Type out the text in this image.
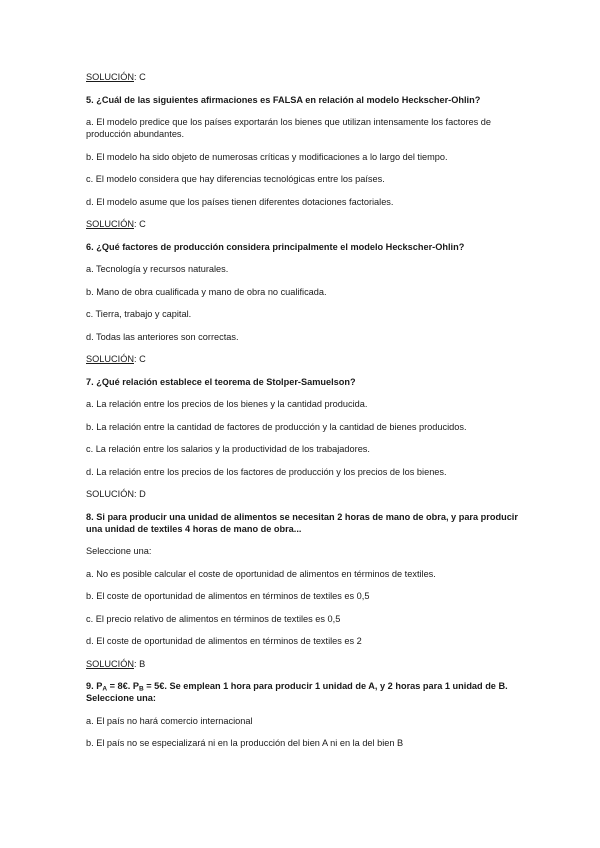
SOLUCIÓN: C

5. ¿Cuál de las siguientes afirmaciones es FALSA en relación al modelo Heckscher-Ohlin?

a. El modelo predice que los países exportarán los bienes que utilizan intensamente los factores de producción abundantes.

b. El modelo ha sido objeto de numerosas críticas y modificaciones a lo largo del tiempo.

c. El modelo considera que hay diferencias tecnológicas entre los países.

d. El modelo asume que los países tienen diferentes dotaciones factoriales.

SOLUCIÓN: C

6. ¿Qué factores de producción considera principalmente el modelo Heckscher-Ohlin?

a. Tecnología y recursos naturales.

b. Mano de obra cualificada y mano de obra no cualificada.

c. Tierra, trabajo y capital.

d. Todas las anteriores son correctas.

SOLUCIÓN: C

7. ¿Qué relación establece el teorema de Stolper-Samuelson?

a. La relación entre los precios de los bienes y la cantidad producida.

b. La relación entre la cantidad de factores de producción y la cantidad de bienes producidos.

c. La relación entre los salarios y la productividad de los trabajadores.

d. La relación entre los precios de los factores de producción y los precios de los bienes.

SOLUCIÓN: D

8. Si para producir una unidad de alimentos se necesitan 2 horas de mano de obra, y para producir una unidad de textiles 4 horas de mano de obra...

Seleccione una:

a. No es posible calcular el coste de oportunidad de alimentos en términos de textiles.

b. El coste de oportunidad de alimentos en términos de textiles es 0,5

c. El precio relativo de alimentos en términos de textiles es 0,5

d. El coste de oportunidad de alimentos en términos de textiles es 2

SOLUCIÓN: B

9. $P_A$ = 8€. $P_B$ = 5€. Se emplean 1 hora para producir 1 unidad de A, y 2 horas para 1 unidad de B. Seleccione una:

a. El país no hará comercio internacional

b. El país no se especializará ni en la producción del bien A ni en la del bien B
